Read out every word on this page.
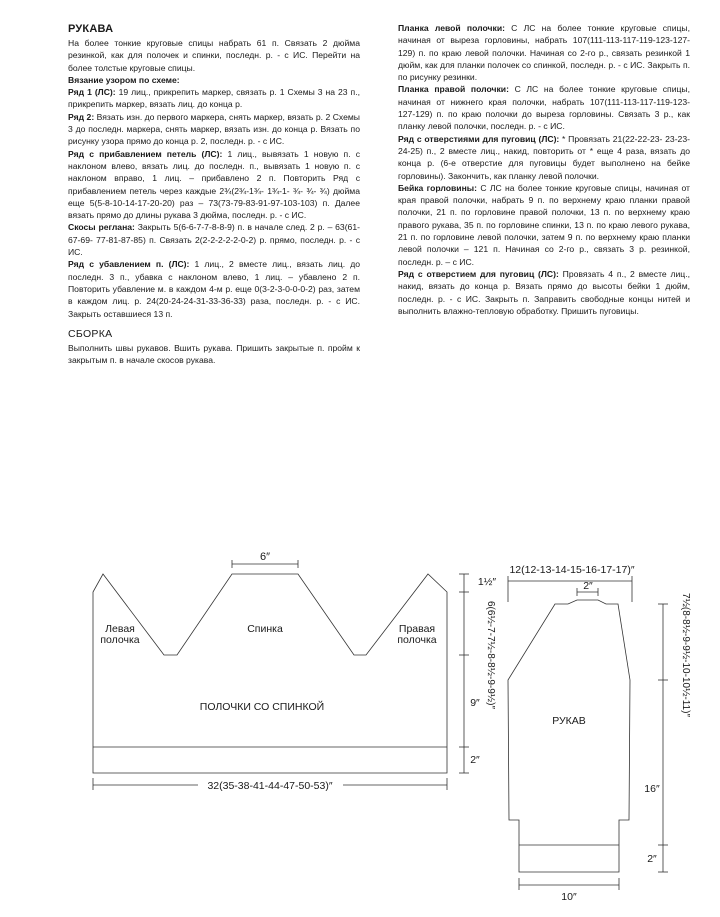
РУКАВА

На более тонкие круговые спицы набрать 61 п. Связать 2 дюйма резинкой, как для полочек и спинки, последн. р. - с ИС. Перейти на более толстые круговые спицы.

Вязание узором по схеме:

Ряд 1 (ЛС): 19 лиц., прикрепить маркер, связать р. 1 Схемы 3 на 23 п., прикрепить маркер, вязать лиц. до конца р.

Ряд 2: Вязать изн. до первого маркера, снять маркер, вязать р. 2 Схемы 3 до последн. маркера, снять маркер, вязать изн. до конца р. Вязать по рисунку узора прямо до конца р. 2, последн. р. - с ИС.

Ряд с прибавлением петель (ЛС): 1 лиц., вывязать 1 новую п. с наклоном влево, вязать лиц. до последн. п., вывязать 1 новую п. с наклоном вправо, 1 лиц. – прибавлено 2 п. Повторить Ряд с прибавлением петель через каждые 2¾(2¾-1¾- 1¾-1- ¾- ¾- ¾) дюйма еще 5(5-8-10-14-17-20-20) раз – 73(73-79-83-91-97-103-103) п. Далее вязать прямо до длины рукава 3 дюйма, последн. р. - с ИС.

Скосы реглана: Закрыть 5(6-6-7-7-8-8-9) п. в начале след. 2 р. – 63(61-67-69- 77-81-87-85) п. Связать 2(2-2-2-2-2-0-2) р. прямо, последн. р. - с ИС.

Ряд с убавлением п. (ЛС): 1 лиц., 2 вместе лиц., вязать лиц. до последн. 3 п., убавка с наклоном влево, 1 лиц. – убавлено 2 п. Повторить убавление м. в каждом 4-м р. еще 0(3-2-3-0-0-0-2) раз, затем в каждом лиц. р. 24(20-24-24-31-33-36-33) раза, последн. р. - с ИС. Закрыть оставшиеся 13 п.

СБОРКА

Выполнить швы рукавов. Вшить рукава. Пришить закрытые п. пройм к закрытым п. в начале скосов рукава.

Планка левой полочки: С ЛС на более тонкие круговые спицы, начиная от выреза горловины, набрать 107(111-113-117-119-123-127-129) п. по краю левой полочки. Начиная со 2-го р., связать резинкой 1 дюйм, как для планки полочек со спинкой, последн. р. - с ИС. Закрыть п. по рисунку резинки.

Планка правой полочки: С ЛС на более тонкие круговые спицы, начиная от нижнего края полочки, набрать 107(111-113-117-119-123- 127-129) п. по краю полочки до выреза горловины. Связать 3 р., как планку левой полочки, последн. р. - с ИС.

Ряд с отверстиями для пуговиц (ЛС): * Провязать 21(22-22-23- 23-23-24-25) п., 2 вместе лиц., накид, повторить от * еще 4 раза, вязать до конца р. (6-е отверстие для пуговицы будет выполнено на бейке горловины). Закончить, как планку левой полочки.

Бейка горловины: С ЛС на более тонкие круговые спицы, начиная от края правой полочки, набрать 9 п. по верхнему краю планки правой полочки, 21 п. по горловине правой полочки, 13 п. по верхнему краю правого рукава, 35 п. по горловине спинки, 13 п. по краю левого рукава, 21 п. по горловине левой полочки, затем 9 п. по верхнему краю планки левой полочки – 121 п. Начиная со 2-го р., связать 3 р. резинкой, последн. р. – с ИС.

Ряд с отверстием для пуговиц (ЛС): Провязать 4 п., 2 вместе лиц., накид, вязать до конца р. Вязать прямо до высоты бейки 1 дюйм, последн. р. - с ИС. Закрыть п. Заправить свободные концы нитей и выполнить влажно-тепловую обработку. Пришить пуговицы.

6″
Левая
полочка
Спинка	Правая
полочка
ПОЛОЧКИ СО СПИНКОЙ
32(35-38-41-44-47-50-53)″
1½″
6(6½-7-7½-8-8½-9-9½)″
9″
2″
12(12-13-14-15-16-17-17)″
2″
7½(8-8½-9-9½-10-10½-11)″
РУКАВ
16″
2″
10″
